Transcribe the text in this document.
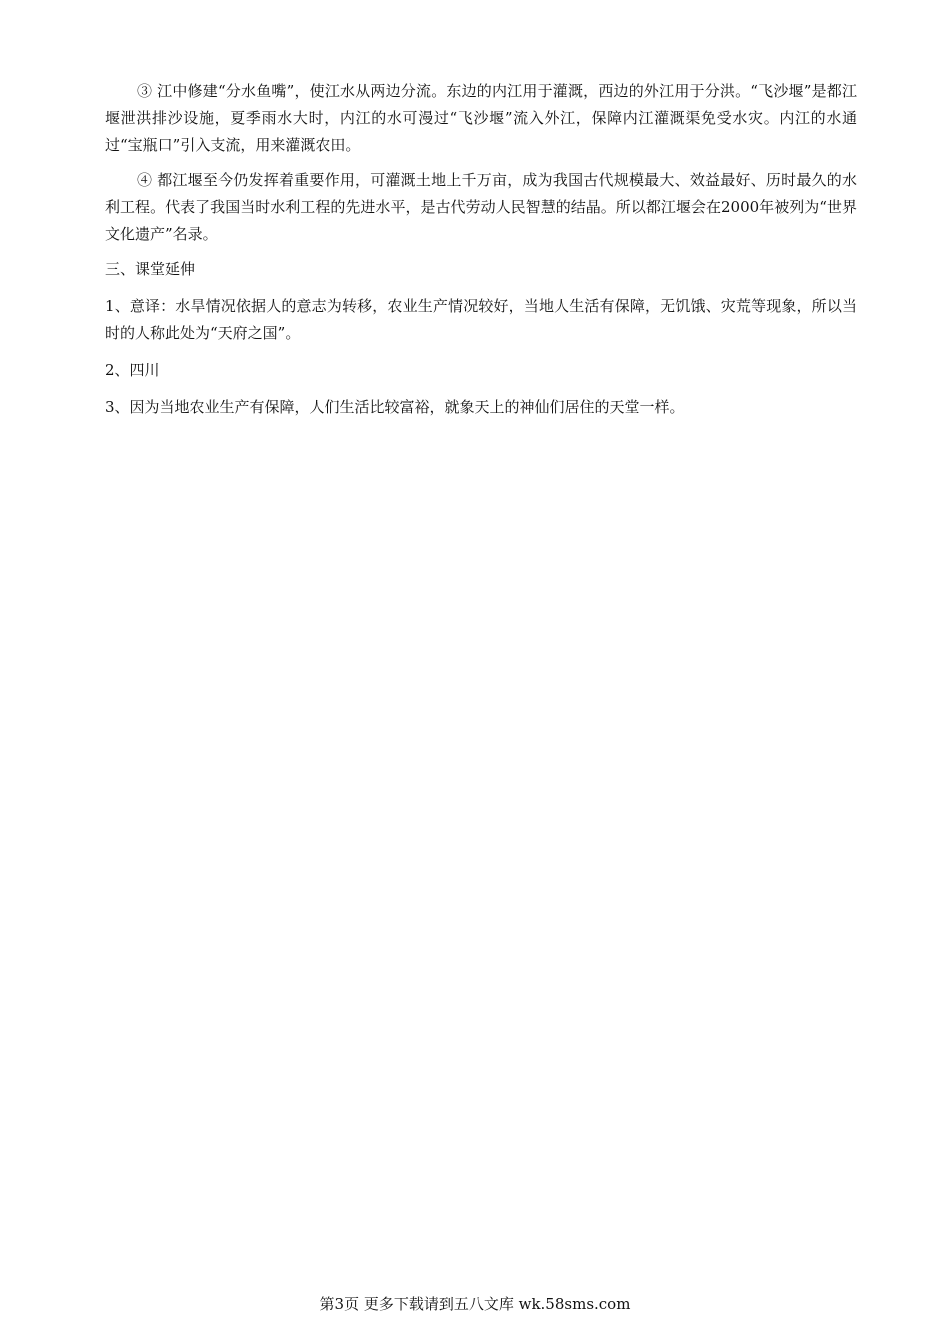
③ 江中修建“分水鱼嘴”，使江水从两边分流。东边的内江用于灌溉，西边的外江用于分洪。“飞沙堰”是都江堰泄洪排沙设施，夏季雨水大时，内江的水可漫过“飞沙堰”流入外江，保障内江灌溉渠免受水灾。内江的水通过“宝瓶口”引入支流，用来灌溉农田。

④ 都江堰至今仍发挥着重要作用，可灌溉土地上千万亩，成为我国古代规模最大、效益最好、历时最久的水利工程。代表了我国当时水利工程的先进水平，是古代劳动人民智慧的结晶。所以都江堰会在2000年被列为“世界文化遗产”名录。

三、课堂延伸

1、意译：水旱情况依据人的意志为转移，农业生产情况较好，当地人生活有保障，无饥饿、灾荒等现象，所以当时的人称此处为“天府之国”。

2、四川

3、因为当地农业生产有保障，人们生活比较富裕，就象天上的神仙们居住的天堂一样。

第3页 更多下载请到五八文库 wk.58sms.com
